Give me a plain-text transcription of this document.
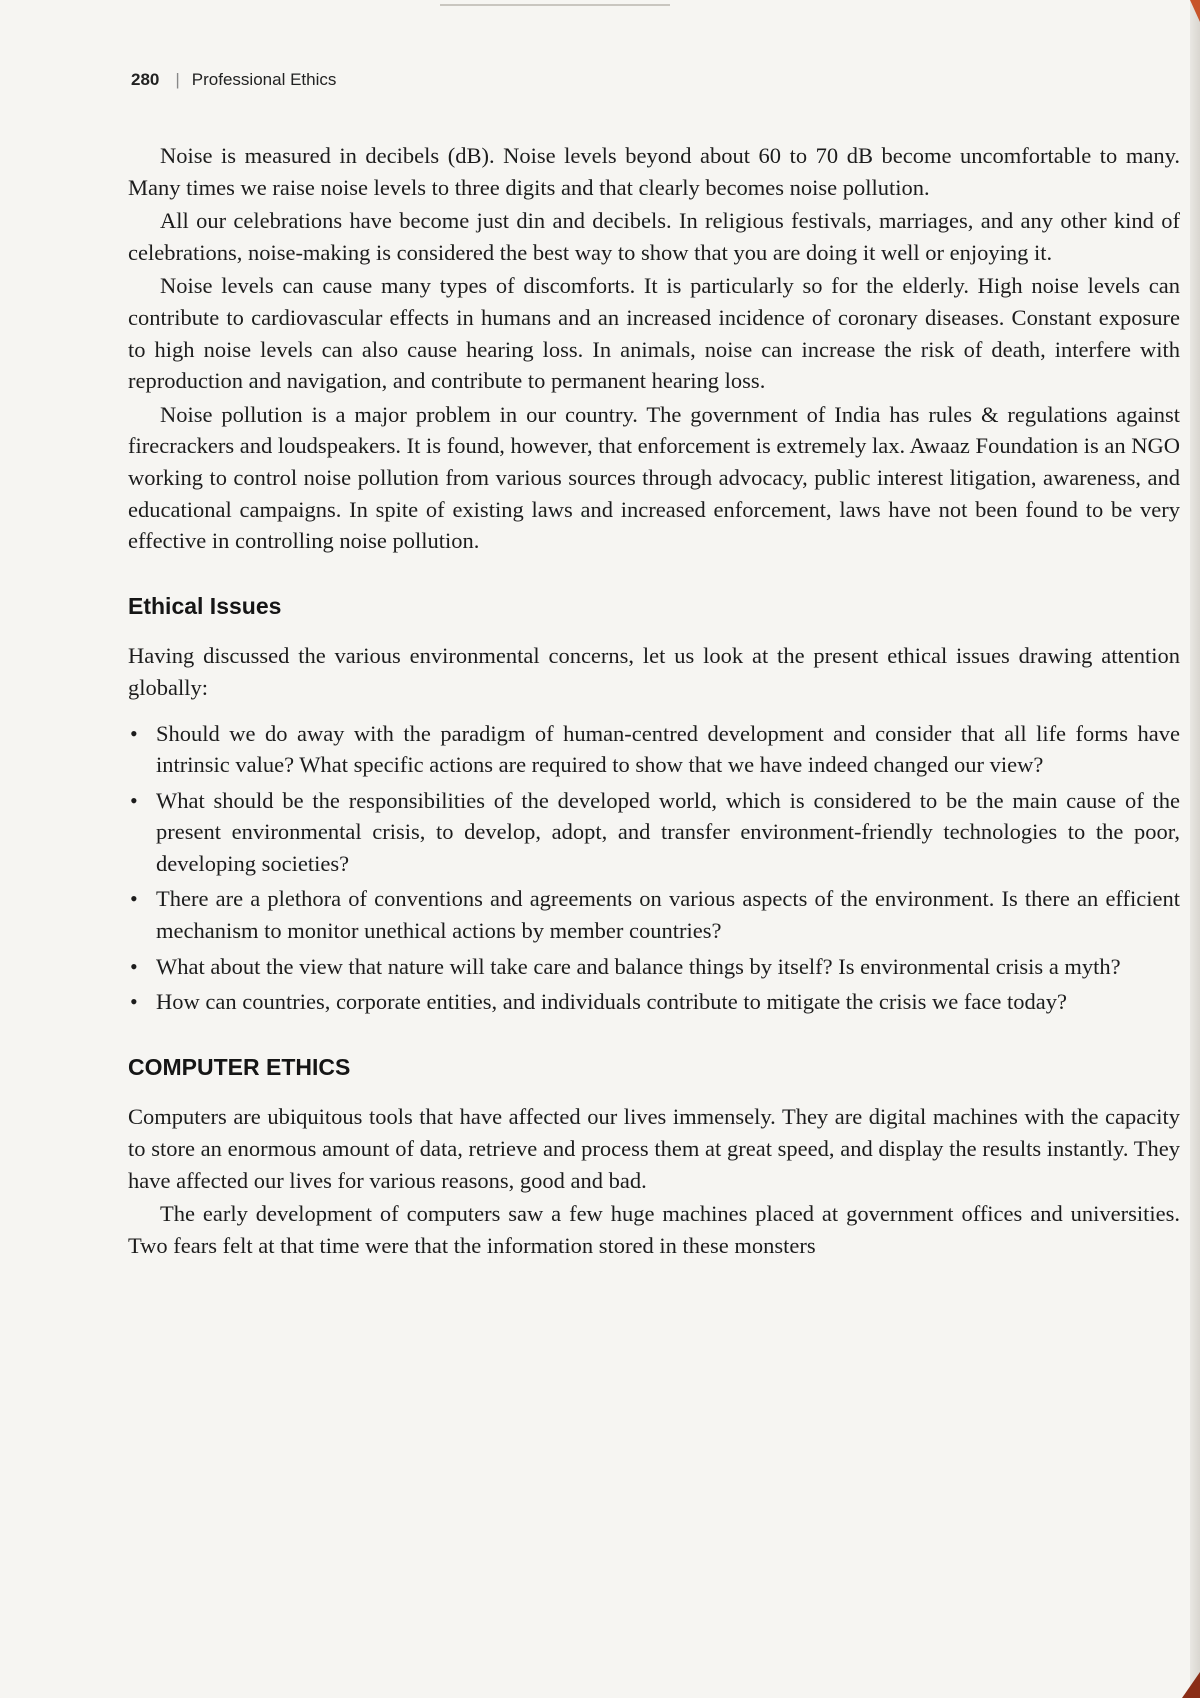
280 | Professional Ethics

Noise is measured in decibels (dB). Noise levels beyond about 60 to 70 dB become uncomfortable to many. Many times we raise noise levels to three digits and that clearly becomes noise pollution.

All our celebrations have become just din and decibels. In religious festivals, marriages, and any other kind of celebrations, noise-making is considered the best way to show that you are doing it well or enjoying it.

Noise levels can cause many types of discomforts. It is particularly so for the elderly. High noise levels can contribute to cardiovascular effects in humans and an increased incidence of coronary diseases. Constant exposure to high noise levels can also cause hearing loss. In animals, noise can increase the risk of death, interfere with reproduction and navigation, and contribute to permanent hearing loss.

Noise pollution is a major problem in our country. The government of India has rules & regulations against firecrackers and loudspeakers. It is found, however, that enforcement is extremely lax. Awaaz Foundation is an NGO working to control noise pollution from various sources through advocacy, public interest litigation, awareness, and educational campaigns. In spite of existing laws and increased enforcement, laws have not been found to be very effective in controlling noise pollution.

Ethical Issues

Having discussed the various environmental concerns, let us look at the present ethical issues drawing attention globally:

• Should we do away with the paradigm of human-centred development and consider that all life forms have intrinsic value? What specific actions are required to show that we have indeed changed our view?
• What should be the responsibilities of the developed world, which is considered to be the main cause of the present environmental crisis, to develop, adopt, and transfer environment-friendly technologies to the poor, developing societies?
• There are a plethora of conventions and agreements on various aspects of the environment. Is there an efficient mechanism to monitor unethical actions by member countries?
• What about the view that nature will take care and balance things by itself? Is environmental crisis a myth?
• How can countries, corporate entities, and individuals contribute to mitigate the crisis we face today?
COMPUTER ETHICS

Computers are ubiquitous tools that have affected our lives immensely. They are digital machines with the capacity to store an enormous amount of data, retrieve and process them at great speed, and display the results instantly. They have affected our lives for various reasons, good and bad.

The early development of computers saw a few huge machines placed at government offices and universities. Two fears felt at that time were that the information stored in these monsters
